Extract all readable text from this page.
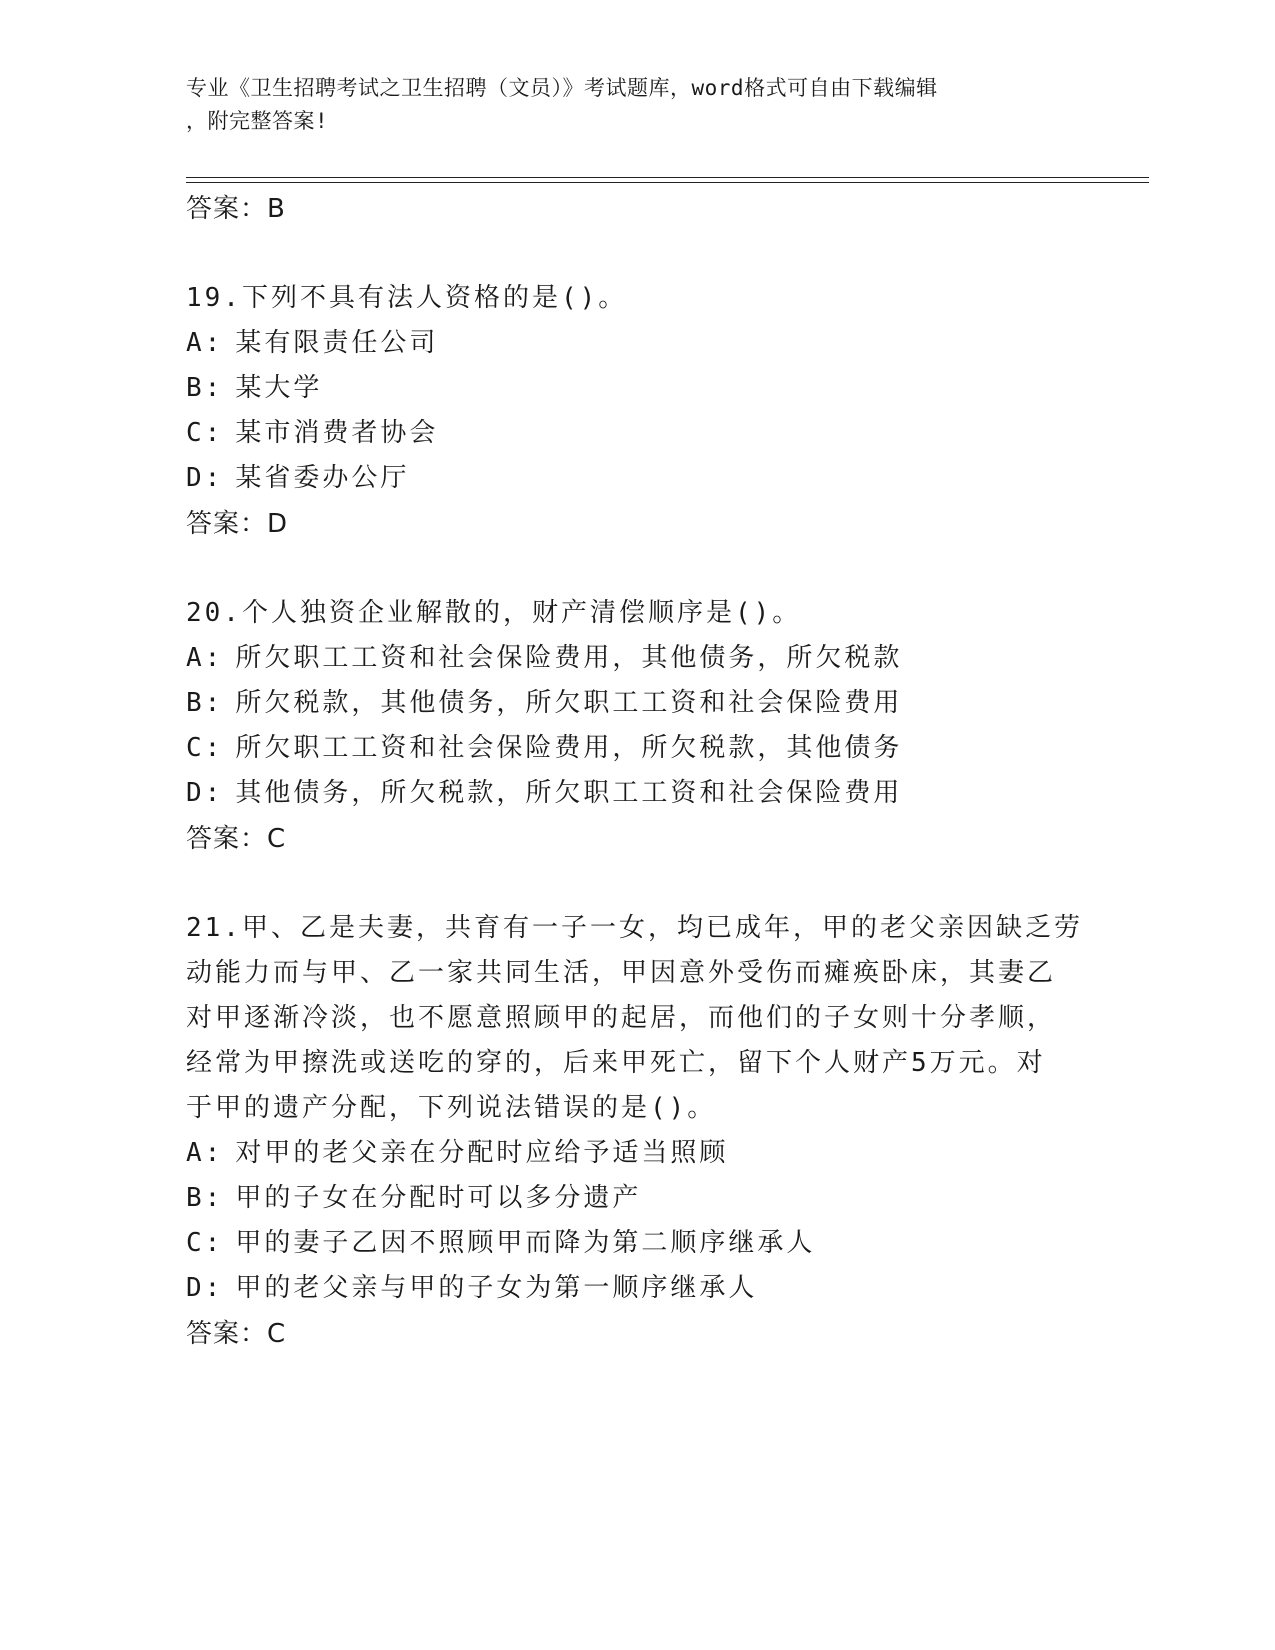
专业《卫生招聘考试之卫生招聘（文员）》考试题库，word格式可自由下载编辑
，附完整答案!
答案：B
19.下列不具有法人资格的是()。
A: 某有限责任公司
B: 某大学
C: 某市消费者协会
D: 某省委办公厅
答案：D
20.个人独资企业解散的，财产清偿顺序是()。
A: 所欠职工工资和社会保险费用，其他债务，所欠税款
B: 所欠税款，其他债务，所欠职工工资和社会保险费用
C: 所欠职工工资和社会保险费用，所欠税款，其他债务
D: 其他债务，所欠税款，所欠职工工资和社会保险费用
答案：C
21.甲、乙是夫妻，共育有一子一女，均已成年，甲的老父亲因缺乏劳
动能力而与甲、乙一家共同生活，甲因意外受伤而瘫痪卧床，其妻乙
对甲逐渐冷淡，也不愿意照顾甲的起居，而他们的子女则十分孝顺，
经常为甲擦洗或送吃的穿的，后来甲死亡，留下个人财产5万元。对
于甲的遗产分配，下列说法错误的是()。
A: 对甲的老父亲在分配时应给予适当照顾
B: 甲的子女在分配时可以多分遗产
C: 甲的妻子乙因不照顾甲而降为第二顺序继承人
D: 甲的老父亲与甲的子女为第一顺序继承人
答案：C
